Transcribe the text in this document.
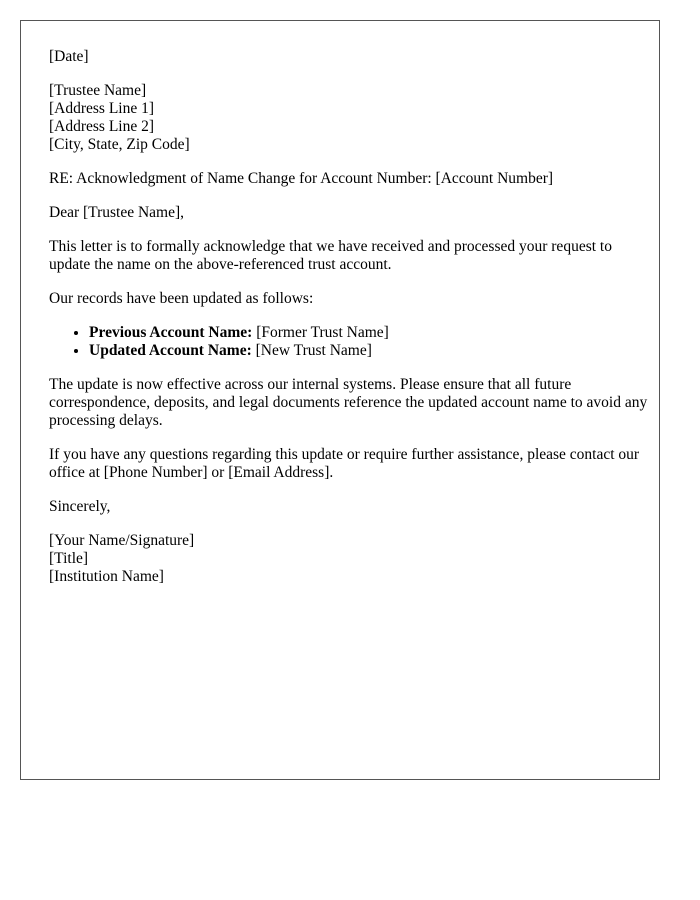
[Date]

[Trustee Name]
[Address Line 1]
[Address Line 2]
[City, State, Zip Code]

RE: Acknowledgment of Name Change for Account Number: [Account Number]

Dear [Trustee Name],

This letter is to formally acknowledge that we have received and processed your request to update the name on the above-referenced trust account.

Our records have been updated as follows:

• Previous Account Name: [Former Trust Name]
• Updated Account Name: [New Trust Name]

The update is now effective across our internal systems. Please ensure that all future correspondence, deposits, and legal documents reference the updated account name to avoid any processing delays.

If you have any questions regarding this update or require further assistance, please contact our office at [Phone Number] or [Email Address].

Sincerely,

[Your Name/Signature]
[Title]
[Institution Name]
